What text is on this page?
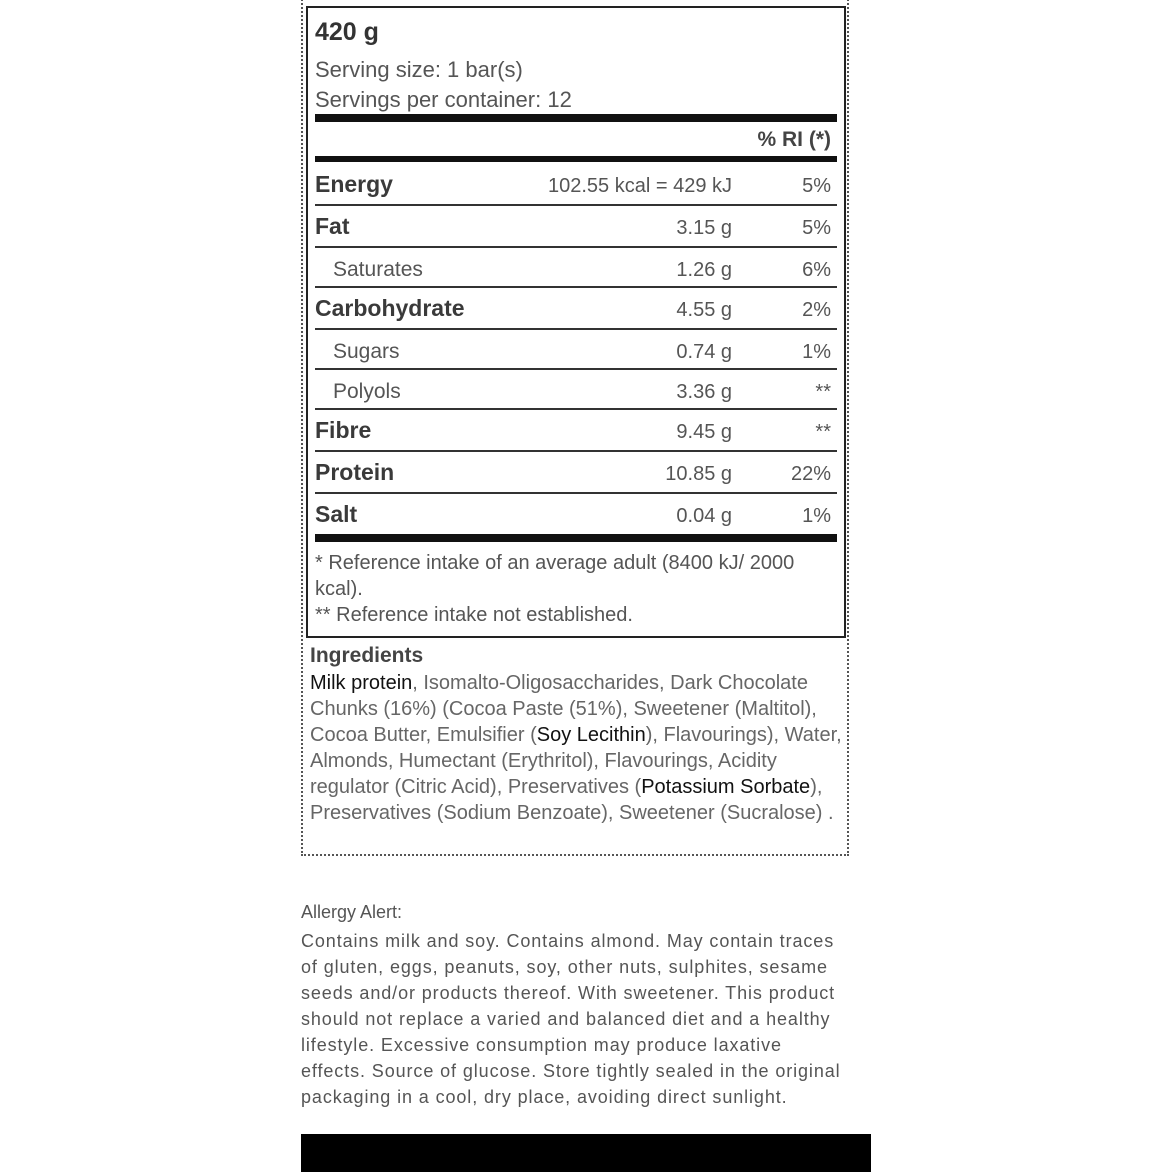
420 g
Serving size: 1 bar(s)
Servings per container: 12
% RI (*)
Energy	102.55 kcal = 429 kJ	5%
Fat	3.15 g	5%
Saturates	1.26 g	6%
Carbohydrate	4.55 g	2%
Sugars	0.74 g	1%
Polyols	3.36 g	**
Fibre	9.45 g	**
Protein	10.85 g	22%
Salt	0.04 g	1%
* Reference intake of an average adult (8400 kJ/ 2000 kcal).
** Reference intake not established.
Ingredients
Milk protein, Isomalto-Oligosaccharides, Dark Chocolate Chunks (16%) (Cocoa Paste (51%), Sweetener (Maltitol), Cocoa Butter, Emulsifier (Soy Lecithin), Flavourings), Water, Almonds, Humectant (Erythritol), Flavourings, Acidity regulator (Citric Acid), Preservatives (Potassium Sorbate), Preservatives (Sodium Benzoate), Sweetener (Sucralose) .
Allergy Alert:
Contains milk and soy. Contains almond. May contain traces of gluten, eggs, peanuts, soy, other nuts, sulphites, sesame seeds and/or products thereof. With sweetener. This product should not replace a varied and balanced diet and a healthy lifestyle. Excessive consumption may produce laxative effects. Source of glucose. Store tightly sealed in the original packaging in a cool, dry place, avoiding direct sunlight.
